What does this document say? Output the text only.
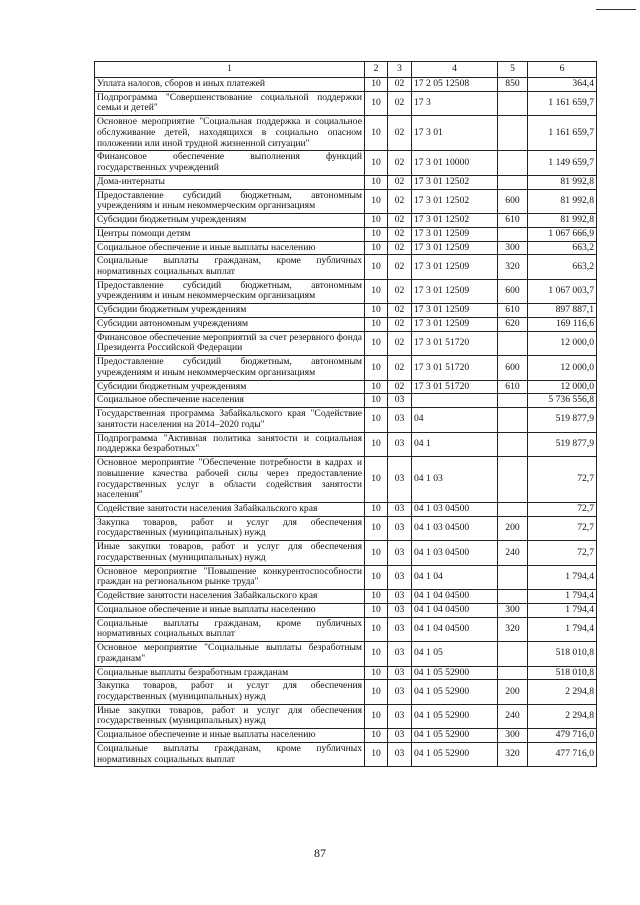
1	2	3	4	5	6
Уплата налогов, сборов и иных платежей	10	02	17 2 05 12508	850	364,4
Подпрограмма "Совершенствование социальной поддержки семьи и детей"	10	02	17 3		1 161 659,7
Основное мероприятие "Социальная поддержка и социальное обслуживание детей, находящихся в социально опасном положении или иной трудной жизненной ситуации"	10	02	17 3 01		1 161 659,7
Финансовое обеспечение выполнения функций государственных учреждений	10	02	17 3 01 10000		1 149 659,7
Дома-интернаты	10	02	17 3 01 12502		81 992,8
Предоставление субсидий бюджетным, автономным учреждениям и иным некоммерческим организациям	10	02	17 3 01 12502	600	81 992,8
Субсидии бюджетным учреждениям	10	02	17 3 01 12502	610	81 992,8
Центры помощи детям	10	02	17 3 01 12509		1 067 666,9
Социальное обеспечение и иные выплаты населению	10	02	17 3 01 12509	300	663,2
Социальные выплаты гражданам, кроме публичных нормативных социальных выплат	10	02	17 3 01 12509	320	663,2
Предоставление субсидий бюджетным, автономным учреждениям и иным некоммерческим организациям	10	02	17 3 01 12509	600	1 067 003,7
Субсидии бюджетным учреждениям	10	02	17 3 01 12509	610	897 887,1
Субсидии автономным учреждениям	10	02	17 3 01 12509	620	169 116,6
Финансовое обеспечение мероприятий за счет резервного фонда Президента Российской Федерации	10	02	17 3 01 51720		12 000,0
Предоставление субсидий бюджетным, автономным учреждениям и иным некоммерческим организациям	10	02	17 3 01 51720	600	12 000,0
Субсидии бюджетным учреждениям	10	02	17 3 01 51720	610	12 000,0
Социальное обеспечение населения	10	03			5 736 556,8
Государственная программа Забайкальского края "Содействие занятости населения на 2014–2020 годы"	10	03	04		519 877,9
Подпрограмма "Активная политика занятости и социальная поддержка безработных"	10	03	04 1		519 877,9
Основное мероприятие "Обеспечение потребности в кадрах и повышение качества рабочей силы через предоставление государственных услуг в области содействия занятости населения"	10	03	04 1 03		72,7
Содействие занятости населения Забайкальского края	10	03	04 1 03 04500		72,7
Закупка товаров, работ и услуг для обеспечения государственных (муниципальных) нужд	10	03	04 1 03 04500	200	72,7
Иные закупки товаров, работ и услуг для обеспечения государственных (муниципальных) нужд	10	03	04 1 03 04500	240	72,7
Основное мероприятие "Повышение конкурентоспособности граждан на региональном рынке труда"	10	03	04 1 04		1 794,4
Содействие занятости населения Забайкальского края	10	03	04 1 04 04500		1 794,4
Социальное обеспечение и иные выплаты населению	10	03	04 1 04 04500	300	1 794,4
Социальные выплаты гражданам, кроме публичных нормативных социальных выплат	10	03	04 1 04 04500	320	1 794,4
Основное мероприятие "Социальные выплаты безработным гражданам"	10	03	04 1 05		518 010,8
Социальные выплаты безработным гражданам	10	03	04 1 05 52900		518 010,8
Закупка товаров, работ и услуг для обеспечения государственных (муниципальных) нужд	10	03	04 1 05 52900	200	2 294,8
Иные закупки товаров, работ и услуг для обеспечения государственных (муниципальных) нужд	10	03	04 1 05 52900	240	2 294,8
Социальное обеспечение и иные выплаты населению	10	03	04 1 05 52900	300	479 716,0
Социальные выплаты гражданам, кроме публичных нормативных социальных выплат	10	03	04 1 05 52900	320	477 716,0
87
